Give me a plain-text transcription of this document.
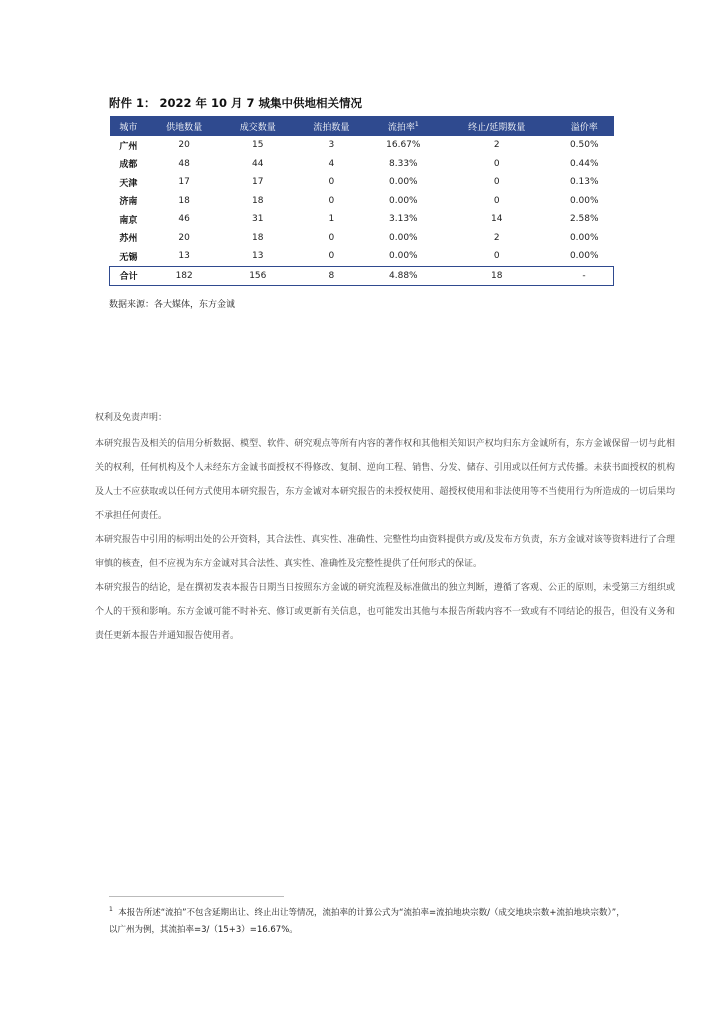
附件 1： 2022 年 10 月 7 城集中供地相关情况
城市	供地数量	成交数量	流拍数量	流拍率$^1$	终止/延期数量	溢价率
广州	20	15	3	16.67%	2	0.50%
成都	48	44	4	8.33%	0	0.44%
天津	17	17	0	0.00%	0	0.13%
济南	18	18	0	0.00%	0	0.00%
南京	46	31	1	3.13%	14	2.58%
苏州	20	18	0	0.00%	2	0.00%
无锡	13	13	0	0.00%	0	0.00%
合计	182	156	8	4.88%	18	-
数据来源：各大媒体，东方金诚
权利及免责声明：

本研究报告及相关的信用分析数据、模型、软件、研究观点等所有内容的著作权和其他相关知识产权均归东方金诚所有，东方金诚保留一切与此相关的权利，任何机构及个人未经东方金诚书面授权不得修改、复制、逆向工程、销售、分发、储存、引用或以任何方式传播。未获书面授权的机构及人士不应获取或以任何方式使用本研究报告，东方金诚对本研究报告的未授权使用、超授权使用和非法使用等不当使用行为所造成的一切后果均不承担任何责任。

本研究报告中引用的标明出处的公开资料，其合法性、真实性、准确性、完整性均由资料提供方或/及发布方负责，东方金诚对该等资料进行了合理审慎的核查，但不应视为东方金诚对其合法性、真实性、准确性及完整性提供了任何形式的保证。

本研究报告的结论，是在撰初发表本报告日期当日按照东方金诚的研究流程及标准做出的独立判断，遵循了客观、公正的原则，未受第三方组织或个人的干预和影响。东方金诚可能不时补充、修订或更新有关信息，也可能发出其他与本报告所载内容不一致或有不同结论的报告，但没有义务和责任更新本报告并通知报告使用者。

$^1$ 本报告所述“流拍”不包含延期出让、终止出让等情况，流拍率的计算公式为“流拍率=流拍地块宗数/（成交地块宗数+流拍地块宗数）”，以广州为例，其流拍率=3/（15+3）=16.67%。
